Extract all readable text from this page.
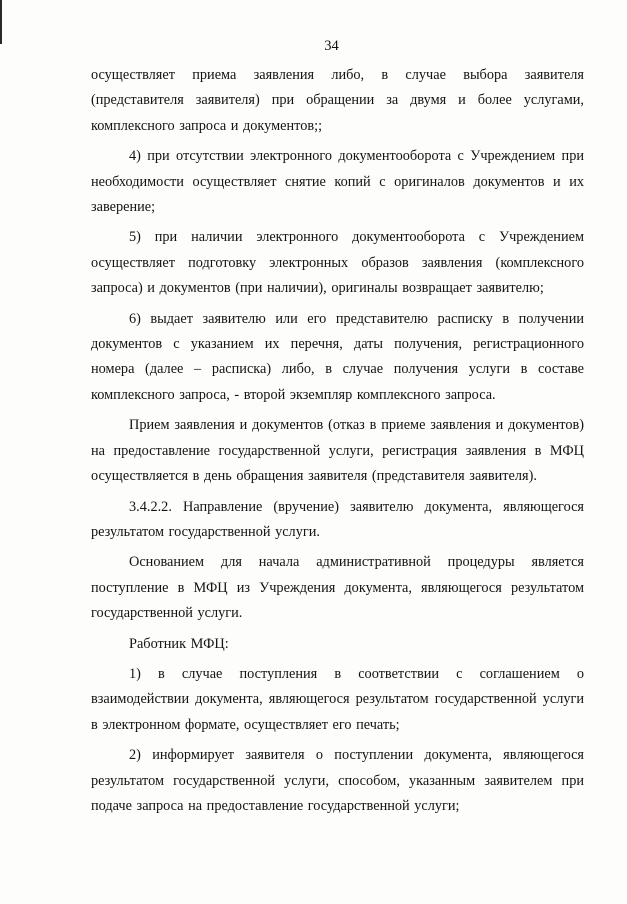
34

осуществляет приема заявления либо, в случае выбора заявителя (представителя заявителя) при обращении за двумя и более услугами, комплексного запроса и документов;;

4) при отсутствии электронного документооборота с Учреждением при необходимости осуществляет снятие копий с оригиналов документов и их заверение;

5) при наличии электронного документооборота с Учреждением осуществляет подготовку электронных образов заявления (комплексного запроса) и документов (при наличии), оригиналы возвращает заявителю;

6) выдает заявителю или его представителю расписку в получении документов с указанием их перечня, даты получения, регистрационного номера (далее – расписка) либо, в случае получения услуги в составе комплексного запроса, - второй экземпляр комплексного запроса.

Прием заявления и документов (отказ в приеме заявления и документов) на предоставление государственной услуги, регистрация заявления в МФЦ осуществляется в день обращения заявителя (представителя заявителя).

3.4.2.2. Направление (вручение) заявителю документа, являющегося результатом государственной услуги.

Основанием для начала административной процедуры является поступление в МФЦ из Учреждения документа, являющегося результатом государственной услуги.

Работник МФЦ:

1) в случае поступления в соответствии с соглашением о взаимодействии документа, являющегося результатом государственной услуги в электронном формате, осуществляет его печать;

2) информирует заявителя о поступлении документа, являющегося результатом государственной услуги, способом, указанным заявителем при подаче запроса на предоставление государственной услуги;
